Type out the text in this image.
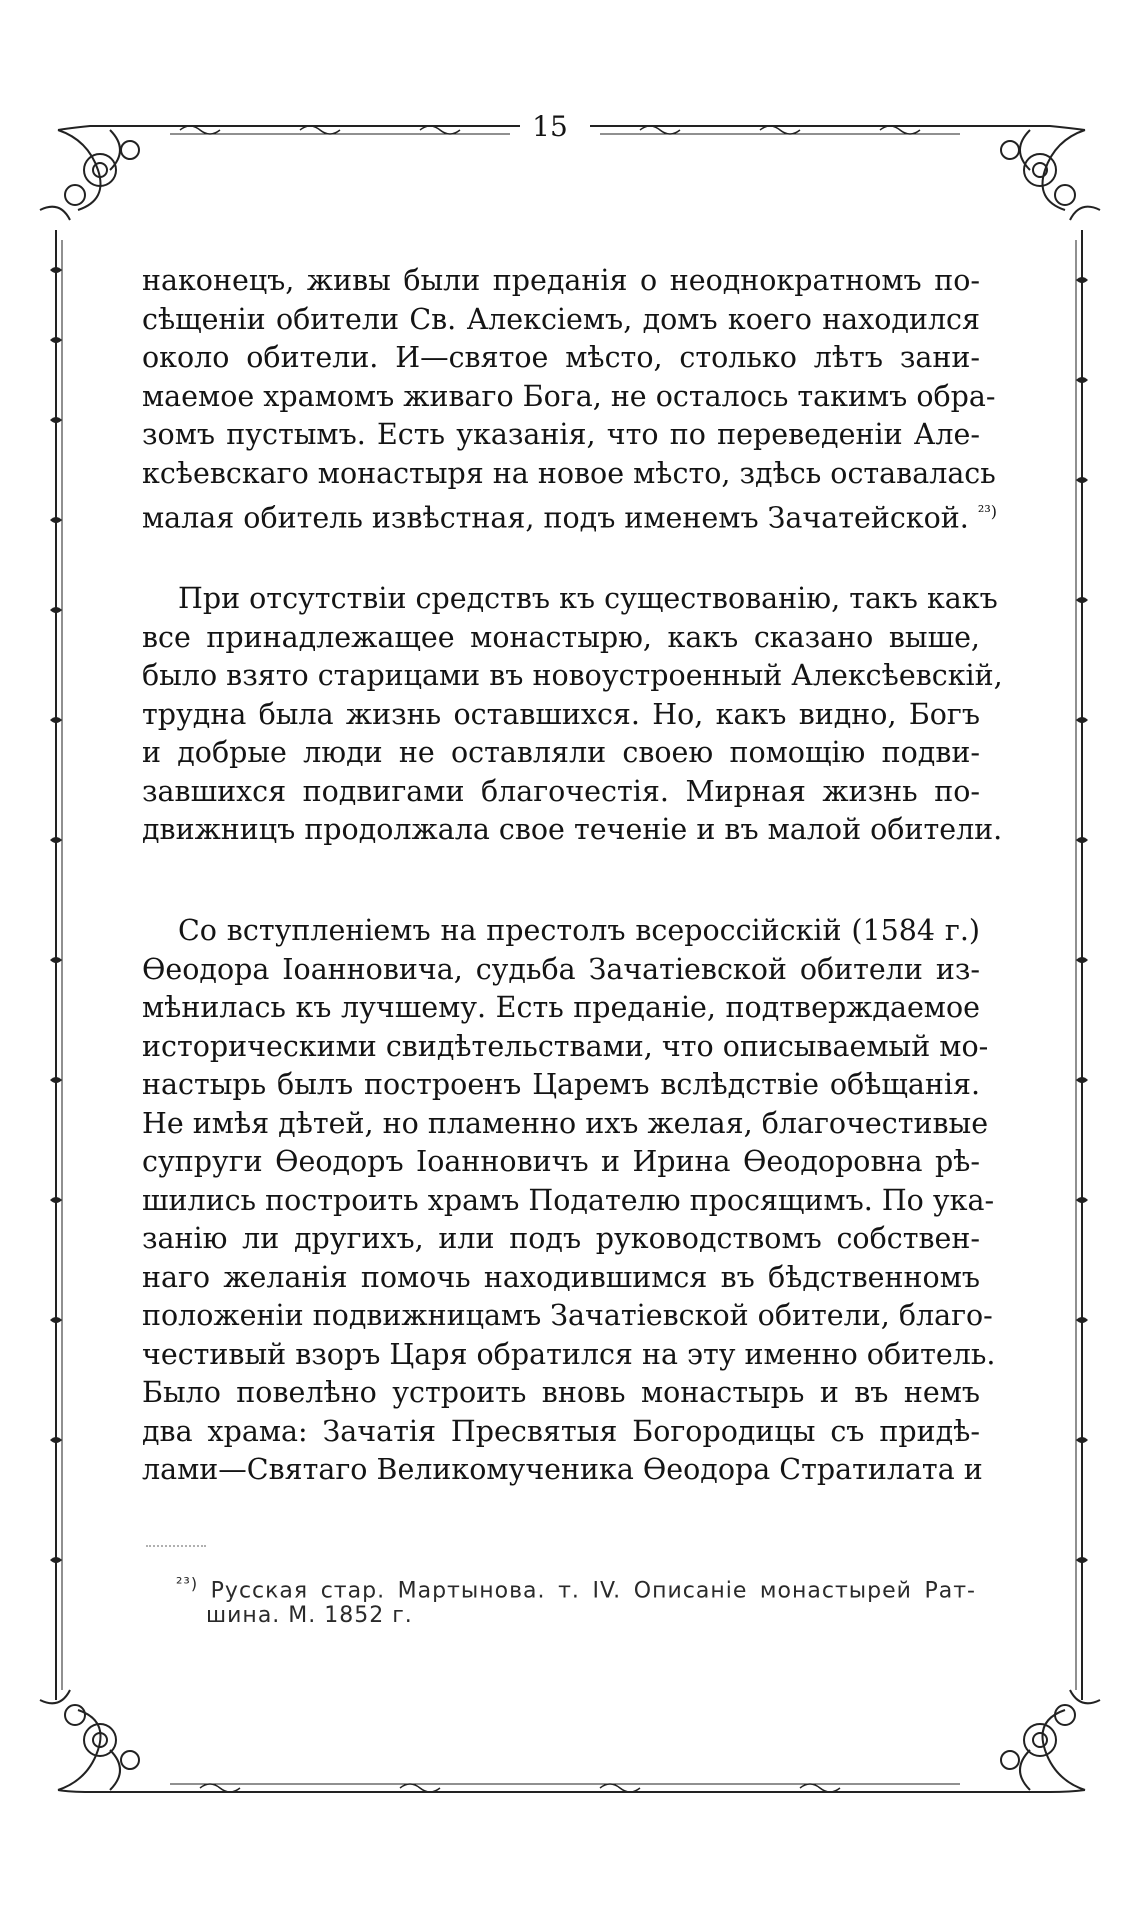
15
наконецъ, живы были преданія о неоднократномъ по-
сѣщеніи обители Св. Алексіемъ, домъ коего находился
около обители. И—святое мѣсто, столько лѣтъ зани-
маемое храмомъ живаго Бога, не осталось такимъ обра-
зомъ пустымъ. Есть указанія, что по переведеніи Але-
ксѣевскаго монастыря на новое мѣсто, здѣсь оставалась
малая обитель извѣстная, подъ именемъ Зачатейской. $^{^{23})}$
При отсутствіи средствъ къ существованію, такъ какъ
все принадлежащее монастырю, какъ сказано выше,
было взято старицами въ новоустроенный Алексѣевскій,
трудна была жизнь оставшихся. Но, какъ видно, Богъ
и добрые люди не оставляли своею помощію подви-
завшихся подвигами благочестія. Мирная жизнь по-
движницъ продолжала свое теченіе и въ малой обители.
Со вступленіемъ на престолъ всероссійскій (1584 г.)
Ѳеодора Іоанновича, судьба Зачатіевской обители из-
мѣнилась къ лучшему. Есть преданіе, подтверждаемое
историческими свидѣтельствами, что описываемый мо-
настырь былъ построенъ Царемъ вслѣдствіе обѣщанія.
Не имѣя дѣтей, но пламенно ихъ желая, благочестивые
супруги Ѳеодоръ Іоанновичъ и Ирина Ѳеодоровна рѣ-
шились построить храмъ Подателю просящимъ. По ука-
занію ли другихъ, или подъ руководствомъ собствен-
наго желанія помочь находившимся въ бѣдственномъ
положеніи подвижницамъ Зачатіевской обители, благо-
честивый взоръ Царя обратился на эту именно обитель.
Было повелѣно устроить вновь монастырь и въ немъ
два храма: Зачатія Пресвятыя Богородицы съ придѣ-
лами—Святаго Великомученика Ѳеодора Стратилата и
$^{^{23})}$ Русская стар. Мартынова. т. IV. Описаніе монастырей Рат-
шина. М. 1852 г.
